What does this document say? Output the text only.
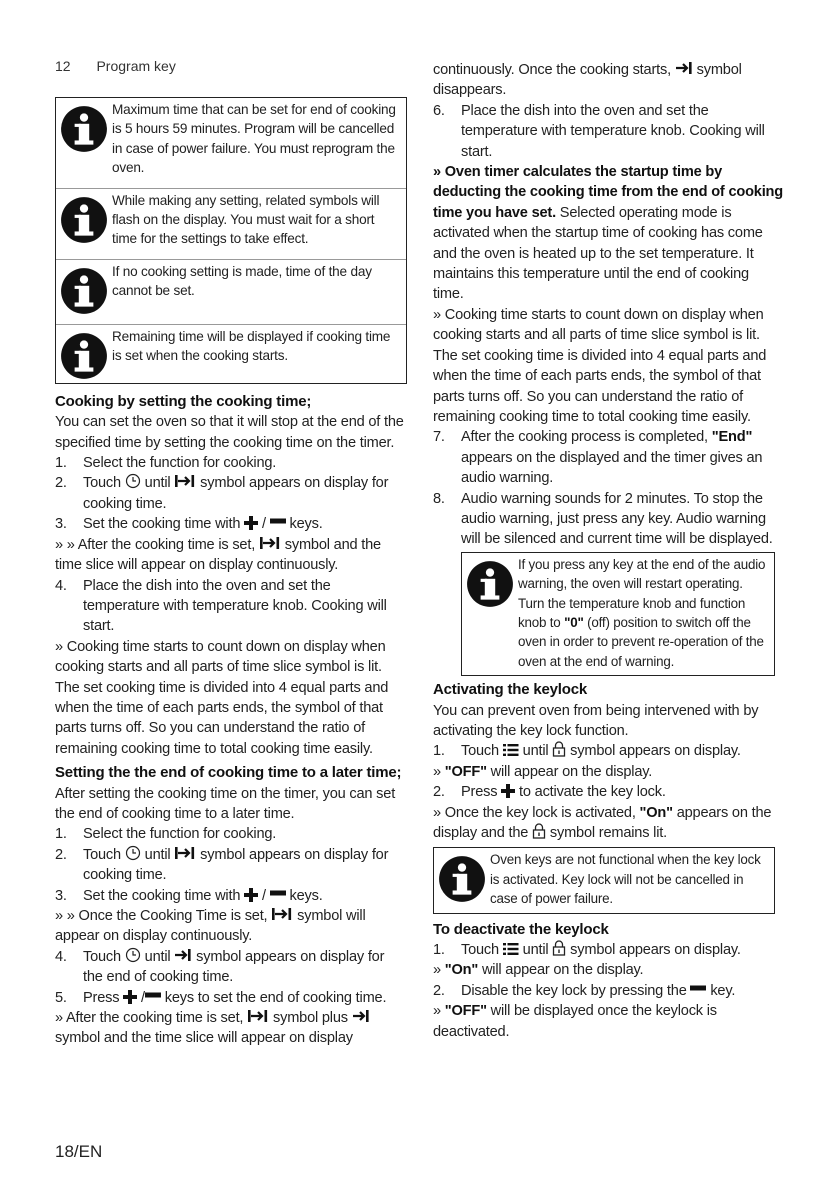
12 Program key
Maximum time that can be set for end of cooking is 5 hours 59 minutes. Program will be cancelled in case of power failure. You must reprogram the oven.
While making any setting, related symbols will flash on the display. You must wait for a short time for the settings to take effect.
If no cooking setting is made, time of the day cannot be set.
Remaining time will be displayed if cooking time is set when the cooking starts.

Cooking by setting the cooking time;

You can set the oven so that it will stop at the end of the specified time by setting the cooking time on the timer.

1.	Select the function for cooking.
2.	Touch until symbol appears on display for cooking time.
3.	Set the cooking time with / keys.

» » After the cooking time is set, symbol and the time slice will appear on display continuously.

4.	Place the dish into the oven and set the temperature with temperature knob. Cooking will start.

» Cooking time starts to count down on display when cooking starts and all parts of time slice symbol is lit. The set cooking time is divided into 4 equal parts and when the time of each parts ends, the symbol of that parts turns off. So you can understand the ratio of remaining cooking time to total cooking time easily.

Setting the the end of cooking time to a later time;

After setting the cooking time on the timer, you can set the end of cooking time to a later time.

1.	Select the function for cooking.
2.	Touch until symbol appears on display for cooking time.
3.	Set the cooking time with / keys.

» » Once the Cooking Time is set, symbol will appear on display continuously.

4.	Touch until symbol appears on display for the end of cooking time.
5.	Press / keys to set the end of cooking time.

» After the cooking time is set, symbol plus  symbol and the time slice will appear on display

continuously. Once the cooking starts, symbol disappears.

6.	Place the dish into the oven and set the temperature with temperature knob. Cooking will start.

» Oven timer calculates the startup time by deducting the cooking time from the end of cooking time you have set. Selected operating mode is activated when the startup time of cooking has come and the oven is heated up to the set temperature. It maintains this temperature until the end of cooking time.

» Cooking time starts to count down on display when cooking starts and all parts of time slice symbol is lit. The set cooking time is divided into 4 equal parts and when the time of each parts ends, the symbol of that parts turns off. So you can understand the ratio of remaining cooking time to total cooking time easily.

7.	After the cooking process is completed, "End" appears on the displayed and the timer gives an audio warning.
8.	Audio warning sounds for 2 minutes. To stop the audio warning, just press any key. Audio warning will be silenced and current time will be displayed.
If you press any key at the end of the audio warning, the oven will restart operating. Turn the temperature knob and function knob to "0" (off) position to switch off the oven in order to prevent re-operation of the oven at the end of warning.

Activating the keylock

You can prevent oven from being intervened with by activating the key lock function.

1.	Touch until symbol appears on display.

» "OFF" will appear on the display.

2.	Press to activate the key lock.

» Once the key lock is activated, "On" appears on the display and the symbol remains lit.

Oven keys are not functional when the key lock is activated. Key lock will not be cancelled in case of power failure.

To deactivate the keylock

1.	Touch until symbol appears on display.

» "On" will appear on the display.

2.	Disable the key lock by pressing the key.

» "OFF" will be displayed once the keylock is deactivated.

18/EN
